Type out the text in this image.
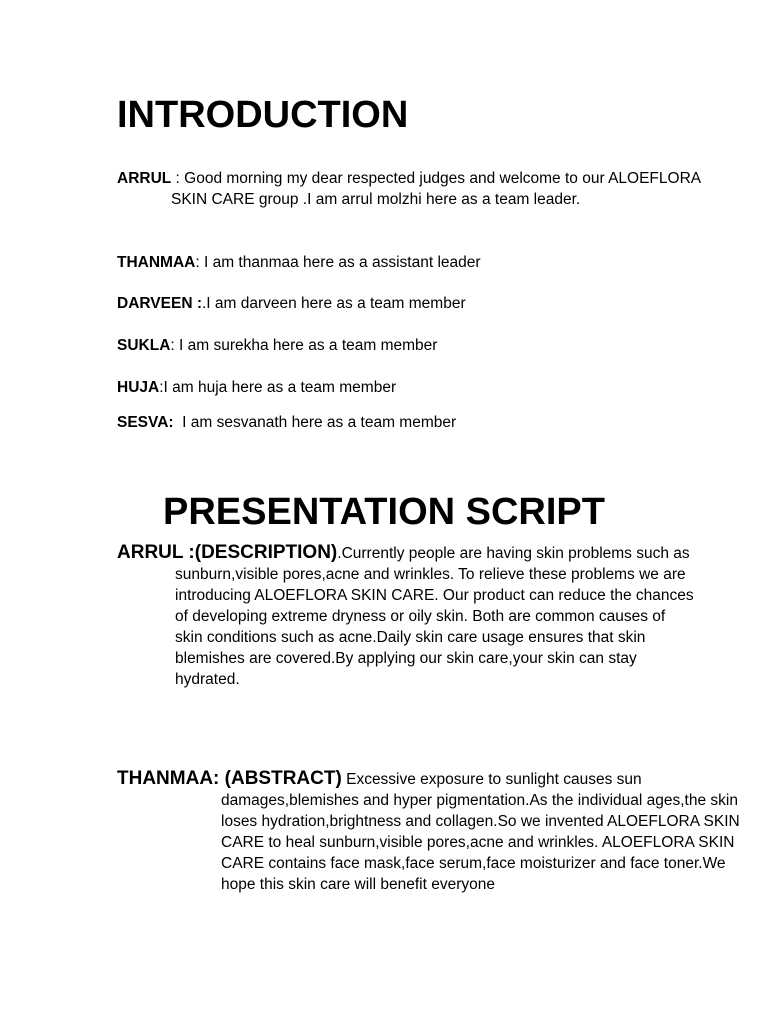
INTRODUCTION

ARRUL : Good morning my dear respected judges and welcome to our ALOEFLORA SKIN CARE group .I am arrul molzhi here as a team leader.

THANMAA: I am thanmaa here as a assistant leader

DARVEEN :.I am darveen here as a team member

SUKLA: I am surekha here as a team member

HUJA:I am huja here as a team member

SESVA:  I am sesvanath here as a team member

PRESENTATION SCRIPT

ARRUL :(DESCRIPTION).Currently people are having skin problems such as sunburn,visible pores,acne and wrinkles. To relieve these problems we are introducing ALOEFLORA SKIN CARE. Our product can reduce the chances of developing extreme dryness or oily skin. Both are common causes of skin conditions such as acne.Daily skin care usage ensures that skin blemishes are covered.By applying our skin care,your skin can stay hydrated.

THANMAA: (ABSTRACT) Excessive exposure to sunlight causes sun damages,blemishes and hyper pigmentation.As the individual ages,the skin loses hydration,brightness and collagen.So we invented ALOEFLORA SKIN CARE to heal sunburn,visible pores,acne and wrinkles. ALOEFLORA SKIN CARE contains face mask,face serum,face moisturizer and face toner.We hope this skin care will benefit everyone
